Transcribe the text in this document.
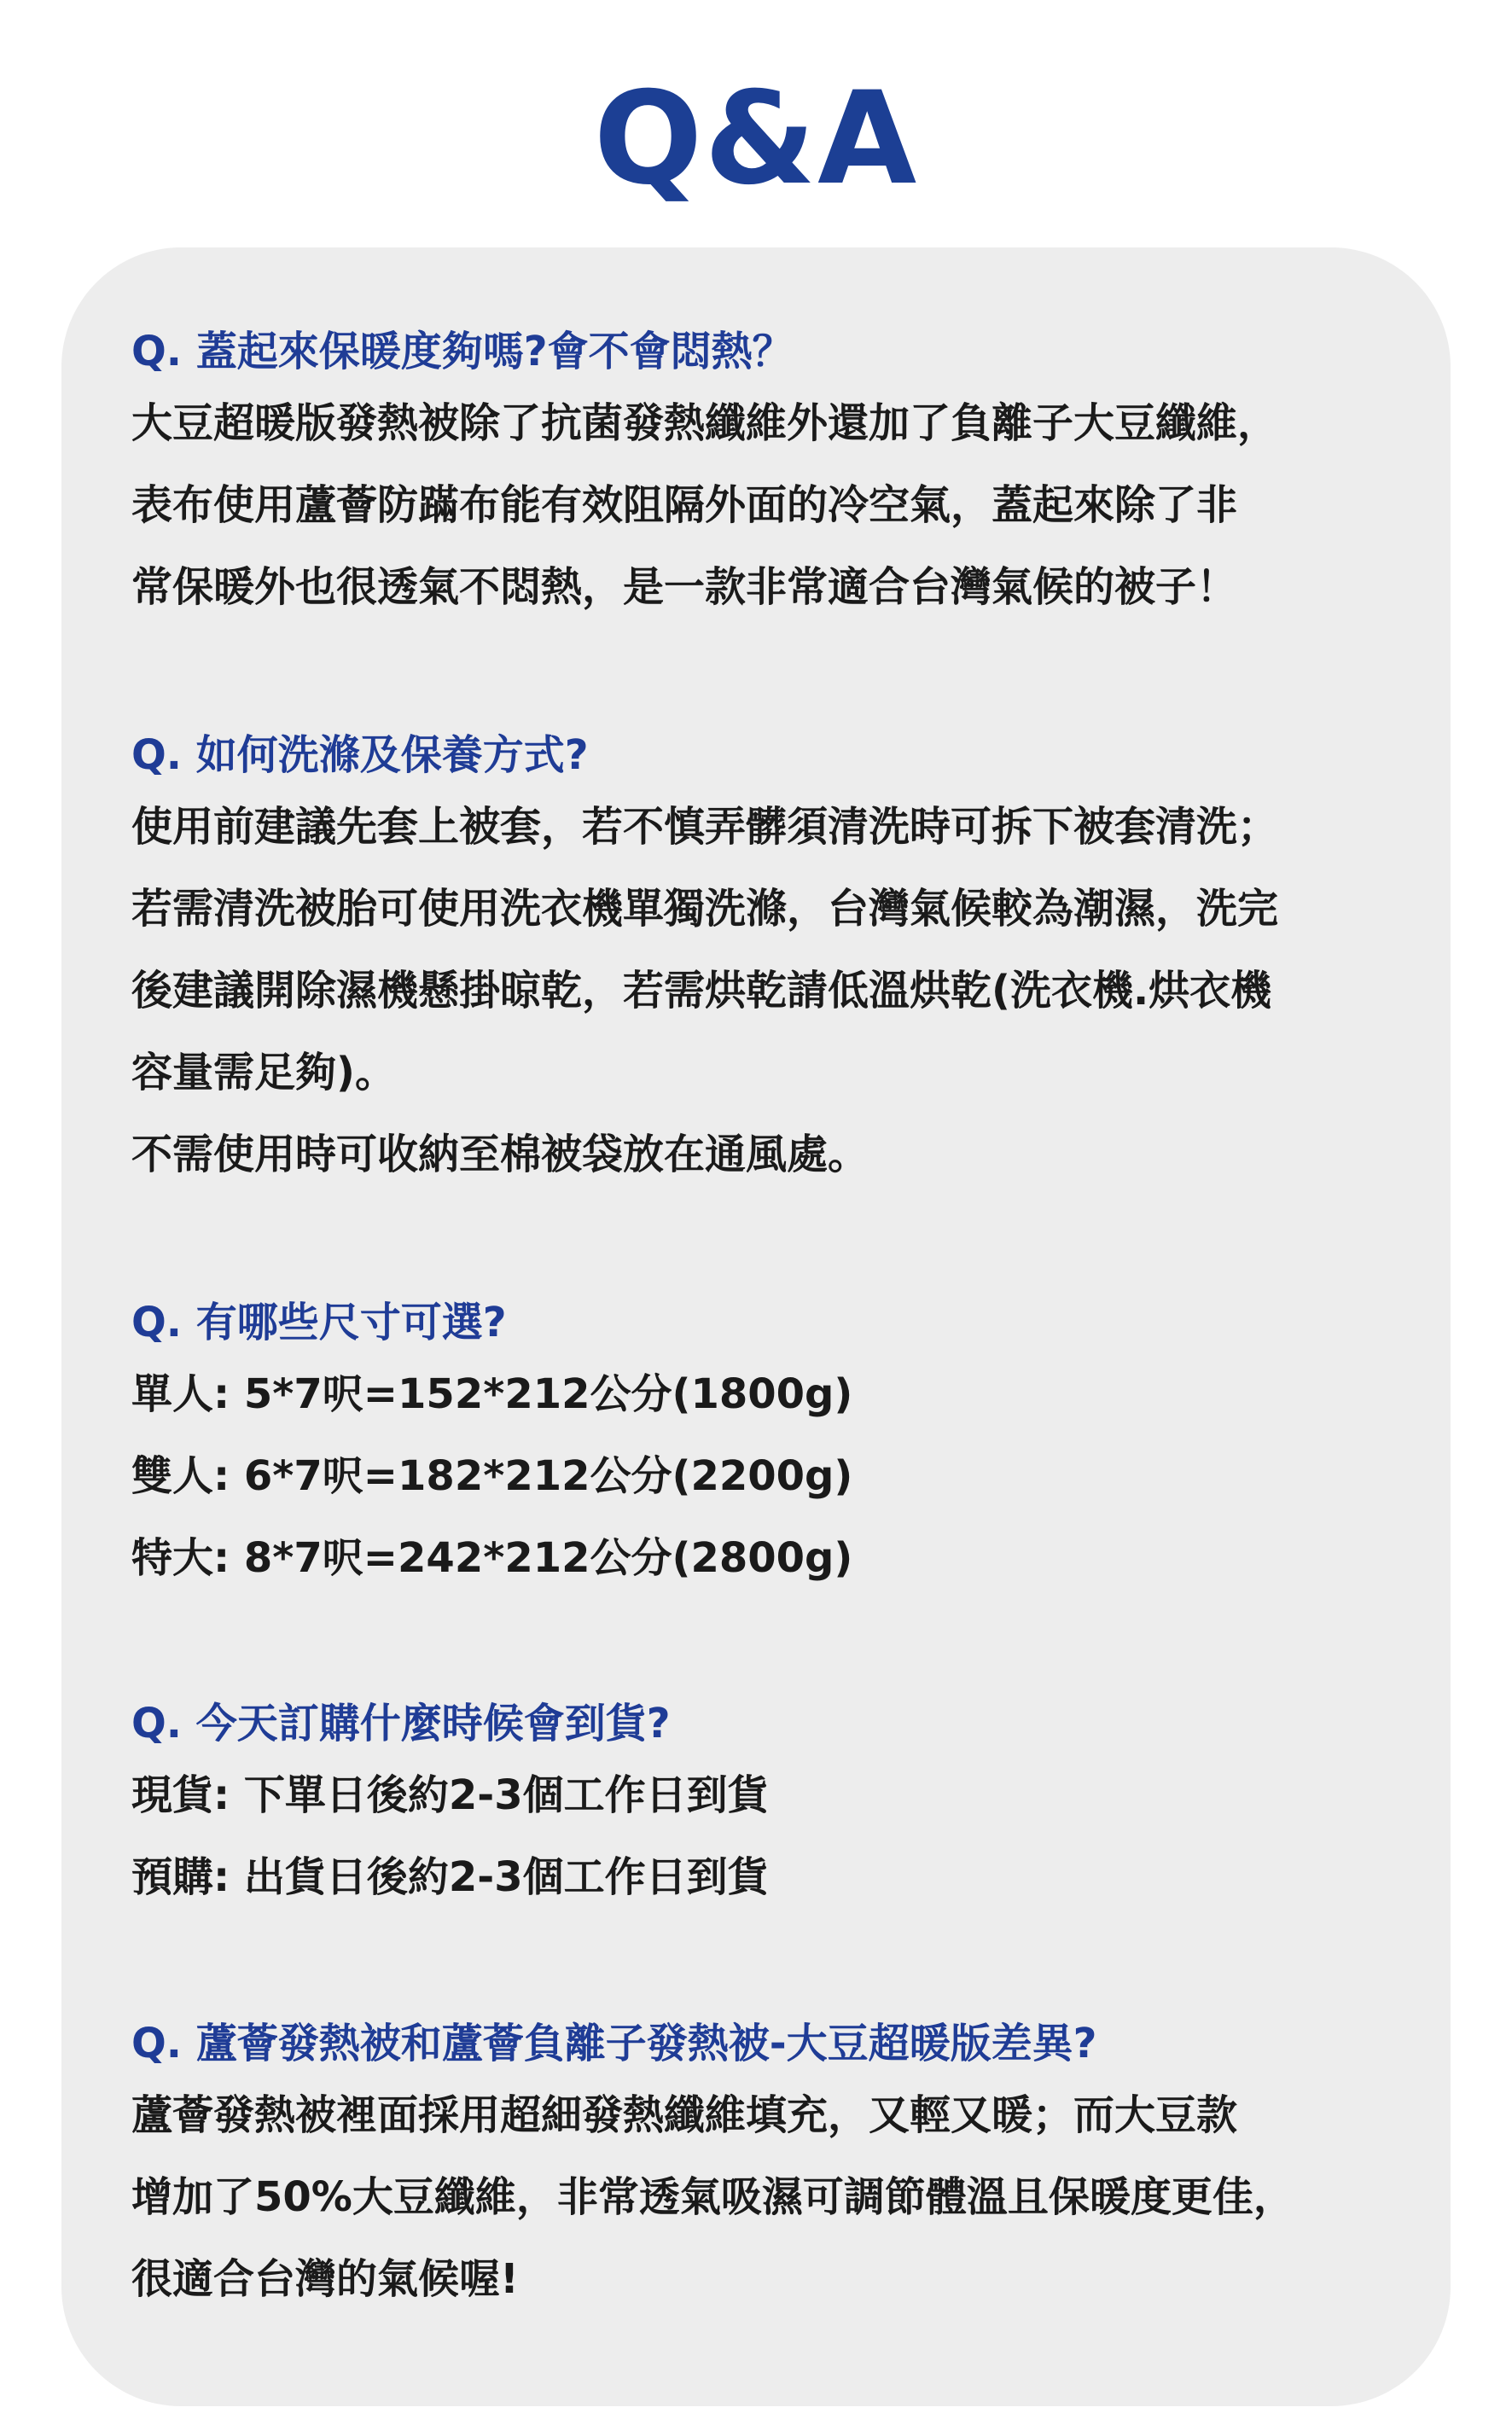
Q&A
Q. 蓋起來保暖度夠嗎?會不會悶熱？
大豆超暖版發熱被除了抗菌發熱纖維外還加了負離子大豆纖維，
表布使用蘆薈防蹣布能有效阻隔外面的冷空氣，蓋起來除了非
常保暖外也很透氣不悶熱，是一款非常適合台灣氣候的被子！
Q. 如何洗滌及保養方式?
使用前建議先套上被套，若不慎弄髒須清洗時可拆下被套清洗；
若需清洗被胎可使用洗衣機單獨洗滌，台灣氣候較為潮濕，洗完
後建議開除濕機懸掛晾乾，若需烘乾請低溫烘乾(洗衣機.烘衣機
容量需足夠)。
不需使用時可收納至棉被袋放在通風處。
Q. 有哪些尺寸可選?
單人: 5*7呎=152*212公分(1800g)
雙人: 6*7呎=182*212公分(2200g)
特大: 8*7呎=242*212公分(2800g)
Q. 今天訂購什麼時候會到貨?
現貨: 下單日後約2-3個工作日到貨
預購: 出貨日後約2-3個工作日到貨
Q. 蘆薈發熱被和蘆薈負離子發熱被-大豆超暖版差異?
蘆薈發熱被裡面採用超細發熱纖維填充，又輕又暖；而大豆款
增加了50%大豆纖維，非常透氣吸濕可調節體溫且保暖度更佳，
很適合台灣的氣候喔!
